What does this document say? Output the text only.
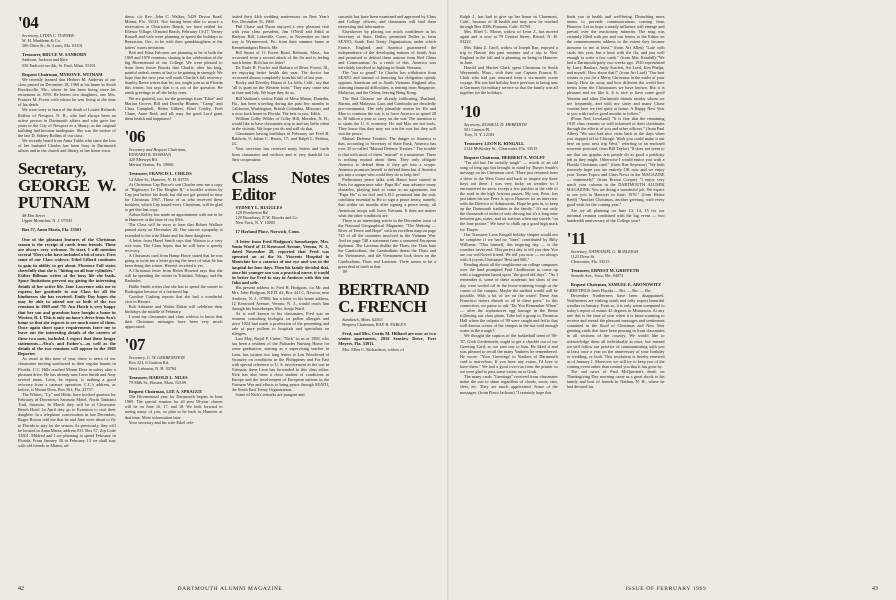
'04

Secretary, LYDIA C. TURNER

W. H. Markham & Co.

506 Olive St., St. Louis, Mo. 63101

Treasurer, BRUCE W. SANBORN

Sanborn, Jackson and Rice

530 Endicott-on-4th, St. Paul, Minn. 55101

Bequest Chairman, MYRON E. WITHAM

We recently learned that Herbert M. Andrews of our class passed on December 18, 1968 at his home in South Brooksville, Me., where he has been living since his retirement in 1959. He leaves two daughters, one Mrs. Frances M. Forest with whom he was living at the time of his death.

We were sorry to learn of the death of Louise Richards Rollins of Newport, N. H., who had always been an active person in Dartmouth affairs and who gave her years to the City of Newport as a library, as the original building had become inadequate. She was the widow of the late D. Sidney Rollins of our class.

We recently heard from Anna Tubbs who since the loss of her husband Charles has been busy in Dartmouth affairs and in the church and library of her home town.

Secretary, GEORGE W. PUTNAM

48 Elm Street

Upper Montclair, N. J. 07043

Box 57, Anna Maria, Fla. 33501

One of the pleasant features of the Christmas season is the receipt of cards from friends. These are always very welcome. To start, I will mention several '05ers who have included a bit of news. First some of our Class widows: Ethel Lillard continues to gain in ability to get about. Florence Fall states cheerfully that she is "hitting on all four cylinders." Esther Billman writes of the busy life she leads. Space limitations prevent my giving the interesting details of her active life. Jane Lawrence asks me to express her gratitude to our Class for all the kindnesses she has received. Emily Day hopes she may be able to attend one or both of the two reunions in 1969 and '70. Ava Hatch is very happy that her son and grandson have bought a home in Weston, R. I. This is only an hour's drive from Ava's home so that she expects to see much more of them. Once again short space requirements force me to leave out the interesting details of the careers of these two men, included. I expect that these longer statements—Alva's and Esther's—as well as the details of the two reunions will appear in the 1969 Reporter.

As usual at this time of year, there is news of our classmates moving southward to their regular haunts in Florida. C.C. Hills reached Mount Dora in safety after a pleasant drive. He has already sent Leon Smith and Amy several times. Leon, he reports, is making a good recovery from a cataract operation. C.C.'s address, as before, is Mount Dora, Box 561, Fla. 32757.

The Whites, "Cy" and Hilda, have booked quarters for February at Downtown Sarasota Motel, North Tamiami Trail, Sarasota. In March they will be at Clearwater Beach Hotel. In April they go to Evanston to visit their daughter. In a telephone conversation in late December, Roger Brown told me that he and Jane were about to fly to Florida to stay for the season. As previously, they will be located in Anna Maria; address P.O. Box 57, Zip Code 33501. Mildred and I are planning to spend February in Florida. From January 30 to February 13 we shall stay with old friends in Miami, ad-

dress: c/o Rev. John C. Walker, 5429 Devon Road, Miami, Fla. 33133. Not having been able to secure a reservation at Clearwater Beach, we have settled for Ellenor Village, Ormond Beach, February 13-27. Versey Russell and wife were planning to spend the holidays in Beaverton, Ore., to be with their granddaughters at the latters' warm invitation.

Bob and Edna Falconer are planning to be at both the 1969 and 1970 reunions, sharing in the celebration of the big Bicentennial of our College. We were pleased to learn from Jessie Brooks that Charlie, after his long, painful ordeal, seems at last to be gaining in strength. We hope that the new year will mark Charlie's full recovery. Stanley Reese writes that he, too, might join us in Florida this winter, but says that it is out of the question. He sends greetings to all the lucky ones.

We are grateful, too, for the greetings from "Elsie" and Marion Grover, Bill and Dorothy Blutner, "Camp" and Clara Campbell, Helen Gilbert, Ethel Conley, Fred Chase, Anne Reid, and all: may the good Lord grant them health and happiness!

'06

Secretary and Bequest Chairman,

EDWARD R. ROSMAN

420 Merwyn Rd.

Merion Station, Pa. 19066

Treasurer, FRANCIS L. CHILDS

14 Allen St., Hanover, N. H. 03755

At Christmas Cap Pierce's son Charles sent me a copy of "Highways To The Heights II," a booklet written by Cap just before his death but did not get printed in time for Christmas 1967. Those of us who received these booklets, which Cap issued every Christmas, will be glad to get this last copy.

Arthur Kelley has made an appointment with me to be in Hanover at the time of our 65th.

The Class will be sorry to hear that Robert Wallace passed away on December 20. Our sincere sympathy is extended to his wife Marie and his three daughters.

A letter from Hazel Smith says that Watson is a very sick man. The Class hopes that he will have a speedy recovery.

A Christmas card from Hamp Howe stated that he was going to write me a letter giving the news of what he has been doing this winter. Haven't received it yet.

A Christmas letter from Helen Howard says that she will be spending the winter in Trinidad, Tobago, and the Barbados.

Hallie Smith writes that she has to spend the winter in Burlington because of a fractured hip.

Caroline Cushing reports that she had a wonderful visit in Hawaii.

Bob Adrianee and Walter Dakin will celebrate their birthdays the middle of February.

I want my classmates and class widows to know that their Christmas messages have been very much appreciated.

'07

Secretary, G. W. GERBENSTEIN

Box 321, 6 Grafton Rd.

West Lebanon, N. H. 03784

Treasurer, HAROLD L. NILES

79 Milk St., Boston, Mass. 02109

Bequest Chairman, LEE A. SPRAGUE

The Bicentennial year for Dartmouth begins in June 1969. The special reunion for all post 50-year classes will be on June 16, 17, and 18. We look forward to seeing many of you, so plan to be back in Hanover at that time. More information later.

Your secretary and his wife Ethel cele-

brated their 44th wedding anniversary on New Year's Eve, December 31, 1968.

Phil Chase and Thorn enjoyed a very pleasant visit with your class president, Jim O'Neill and Edith at Harlyon Hill, Lakeville, Conn., in November on their way to Wynnewood, Pa., from their summer home at Kennebunkport Beach, Me.

Bill Smart of 11 Forest Road, Belmont, Mass., has recovered from a second attack of the flu and is feeling much better. Rich has no letter!

Dr. Earle B. Fowler and Barbara of River Forest, Ill., are enjoying better health this year. The doctor has recovered almost completely from his fall of last year.

Rocky and Dorothy Hazen of La Jolla, Calif., say that "all is quiet on the Western front." They may come east in June and July. We hope they do so.

Bill Sanborn's widow Edith of Mesa Manor, Dunedin, Fla., has been traveling during the past few months to California, Washington, British Columbia, Missouri, and is now back home in Florida. The best to you, Edith.

William Colby Wilder of Colby Hill, Meriden, N. H., would like to have classmates stop in and say hello when in the vicinity. We hope you do and will do that.

Classmates having birthdays in February are Fred B. Baldwin, 9; Julian C. Harris, 17; and Ralph L. Perkins, 24.

Your secretary has received many letters and cards from classmates and widows and is very thankful for their cooperation.

Class Notes Editor

SYDNEY L. RUGGLES

129 Pemberton Rd.

120 Broadway, P. W. Brooks and Co.

New York, N. Y. 10005

17 Harland Place, Norwich, Conn.

A letter from Fred Hodgson's housekeeper, Mrs. Sonia Ward of 12 Kenwood Avenue, Verona, N. J., dated November 20, reported that Fred was operated on at the St. Vincents Hospital in Montclair for a cataract of one eye and was in the hospital for four days. Then his family decided that, since his younger son was a practical nurse, it would be better for Fred to stay in Andover with this son John and wife.

His present address is: Fred H. Hodgson, c/o Mr. and Mrs. John Hodgson, R.F.D. #1, Box 441 C, Newton, near Andover, N. J., 07860; but a letter to his home address, 12 Kenwood Avenue, Verona, N. J., would reach him through his housekeeper, Mrs. Sonja Ward.

As is well known to his classmates, Fred was an eminent consulting biologist on pollen allergies and since 1924 had made a profession of the presenting and sale of pure pollens to hospitals and specialists on allergies.

Last May, Royal P. Carter, "Nick" to us of 1908, who has been a resident of the Palisades Nursing Home for some graduation, starting as a supervising teacher in Laon, has written two long letters to Len Woodward of Swanzey on conditions in the Philippines and Far East with special reference to U. S. involvement in the war in Vietnam; these Leon has forwarded to this class editor. Nick has also been a close student of conditions in Europe and the involvement of European nations in the Vietnam War and efforts to bring peace through SEATO, the South East Treaty Organization.

Some of Nick's remarks are pungent and

sarcastic but have been examined and approved by Class and College officers, and classmates will find them interesting and informative.

Eisenhower by placing too much confidence in his Secretary of State, Dulles, permitted Dulles to form SEATO, South East Treaty Organization, under which France, England, and America guaranteed the independence of the developing nations of South Asia and promised to defend these nations from Red China and Communism. As a result of this, America was inevitably involved in fighting in South Vietnam.

The "not so grand" Le Charles has withdrawn from SEATO and instead of honoring his obligation openly opposes American aid to South Vietnam. England also, claiming financial difficulties, is retiring from Singapore, Malaysia, and the Orient, leaving Hong Kong.

The Red Chinese are already infiltrating Thailand, Burma, and Malaysia. Laos and Cambodia are decidedly pro-communist. The only plausible reason for Ho and Mao to continue the war is to force America to spend 28 to 30 billion a year to carry on the war. The intention is to strain the U. S. economy. Ho and Mao are not fools. They know that they may not win the war but they will win the peace.

Mutual Defense Treaties. The danger to America is that, according to Secretary of State Rusk, America has over 35 so-called "Mutual Defense Treaties." The trouble is that with most of them "mutual" is a misnomer. There is nothing mutual about them. They only obligate America to defend them if they get into a scrape. America promises herself to defend them but if America got into a scrape who could they do to help her?

Preliminary peace talks with Hanoi have started in Paris for appearance sake. Papa Ho" may advance many obstacles, playing hard to come to an agreement, but "Papa Ho" is no fool and L.B.J. promised him the only condition essential to Ho to sign a peace treaty, namely, that within six months after signing a peace treaty, all American troops will leave Vietnam. It does not matter what the other conditions are.

There is an interesting article in the December issue of the National Geographical Magazine, "The Mekong — River of Terror and Hope" with an excellent map on page 745 of all the countries involved in the Vietnam War. And on page 748 a statement from a seasoned European diplomat. The Laotians dislike the Thais, the Thais hate the Cambodians, the Cambodians detest the Thais and the Vietnamese, and the Vietnamese look down on the Cambodians, Thais and Laotians. There seems to be a great deal of truth in that.

'09

BERTRAND C. FRENCH

Sandwich, Mass. 02563

Bequest Chairman, RAY B. FARLEY

Fred, and Mrs. Curtis M. Hilliard are now at two winter apartments, 2916 Seaview Drive, Fort Meyers, Fla. 33911.

Mrs. Ellen C. Richardson, widow of

42	DARTMOUTH ALUMNI MAGAZINE

Ralph J., has had to give up her home in Claremont, Calif., because of ill health and may now be reached through Box 2006, Pomona, Calif. 91769.

Mrs. Ethel C. Morse, widow of Leon J., has moved again and is now at 79 Central Street, Bristol, N. H. 03222.

Mrs. Edna Z. Groff, widow of Joseph Rae, enjoyed a trip to Hawaii this past summer and a trip to New England in the fall and is planning on being in Hanover in June.

Harold and Harriet Clark spent Christmas in South Weymouth, Mass., with their son Captain Francis B. Clark who had just returned from a six-month ocean voyage. His son had holiday leave previous to being sent to Germany for military service so that the family was all together for the holidays.

'10

Secretary, RUSSELL D. MEREDITH

501 Cannon Pl.

Troy, N. Y. 12183

Treasurer, LEON K. KINGALL

2144 McKinley St., Clearwater, Fla. 33515

Bequest Chairman, HERBERT A. WOLFF

"I'm old but I'm awfully tough" — words of an old song of long ago but brought to mind by Thayer Smith's message on his Christmas card: "Have just returned from a drive to the West Coast and back to inspect my three boys out there. I was very lucky on weather so I encountered no snow except a few patches at the side of the road in the high Arizona passes. My son, Peter, has just taken his son Peter Jr. up to Hanover for an interview with the Director of Admissions. Hope he gets in, to keep up the Dartmouth tradition in the family." It's not only the thousands of miles of solo driving but it's a long time between gas, water, and air stations when one travels "on the lone prairie." We have to chalk up a good high mark for Thayer.

Our Treasurer Leon Kingall holiday chapter would not be complete if we had no "lines" contributed by Billy Williams: "This himself, this inspiring day — is the wonders never end. This perfect day to tell you dear You are our well-loved friend. We tell you now — no always with A joyous Christmas! Best and Bill."

Reading about all the roughhouse on college campuses over the land prompted Paul Chadbourne to come up with a suggestion based upon "the good old days": "As I remember it, some of these academic hot shots of our day were cooled off in the horse-watering trough at the corner of the campus. Maybe the method would still be possible. With a bit of ice on the water! These San Francisco rioters disturb us all in these parts." In this connection, we pause to ask "Do You Remember When" — after the sophomores egg barrage in the Bema following our class photo, Tobe led a group to Thornton Hall where the culprits of '09 were caught and led to that well-known corner of the campus in the not-cold enough water in the trough?

We thought the caption of the basketball team of '06-'07, Grob Gerdenstein, ought to get a chuckle out of our Greeting Card, so we sent one to him. He liked it and was pleased to recall the many Yankees he remembered. He wrote: "Your 'Greetings' to Yonkers of Dartmouth card is marvelous. If you have any extras, I'd love to have them." We had a good over-run from the printer so we were glad to pass some extras on to Grob.

The many cards "Greetings" received from classmates make the sun to shine regardless of clouds, snow, rain, sleet, etc. They are much appreciated. Some of the messages: (from Pinco Jackson) "I certainly hope this

finds you in health and well-being. Disturbing news seems to pervade communications coming from Hanover. Let us hope a steady influence will emerge and prevail over the reactionary minority. The mug was certainly filled with pro and con letters to the Editor on the commencement address to the extent they became tiresome to me at least." (from Art Allen) "Late with cards this year, but a bout with the flu, and just well enough to write a few cards." (from Mac Kendall) "We had a Dartmouth party two weeks ago. 1910 represented by Larry Bankart, Andy Scarlett, Art Lord, Ken Phelps, and myself. How about that?" (from Art Lord) "Our best wishes to you for a Merry Christmas in the midst of your family. How far away and how different the world here seems from the Christmases we have known. But it is pleasant and we like it. It is nice to have some good Yemens and other Dartmouth friends nearby whom we see frequently, and with my sister and many Chase cousins here we feel quite at home. A Happy New Year to you with twelve good months to follow."

(From Ned Loveland) "It is fine that the remaining 1910 class remains so well informed of their classmates through the efforts of you and other officers." (from Paul Alber) "We sure had nice visits back in the days when you stopped off in Chicago. Wish you could make it out here on your next trip West," referring to an enclosed souvenir postcard, from Bill Taylor) "It does not seem to me that our graphic arts people do as good a publicity job as they might. Otherwise I would entice you with a Florida Christmas card." (from Rae Seymour) "We both sincerely hope you are entirely OK now and we enjoy your Tomer Topics and Class News in the MAGAZINE — immensely!" (from Brown Cooper) "I enjoy very much your column in the DARTMOUTH ALUMNI MAGAZINE. You are doing a wonderful job. We expect to see you in Hanover in June, 1970." (from Heisie Reed) "Another Christmas, another greeting, with every good wish for the coming year."

Are we all planning on June 13, 14, 15 for our informal reunion combined with the big event — two hundredth anniversary of the College year?

'11

Secretary, NATHANIEL G. BURLEIGH

1121 Drew St.

Clearwater, Fla. 33515

Treasurer, ERNEST M. GRIFFETH

Seaside Ave., Saco, Me. 04072

Bequest Chairman, SAMUEL E. ARONOWITZ

GREETINGS from Florida — Brr. — Brr. — Brr.

December Northerners have been disappointed. Northerners are rushing south and fully expect beautiful weather in January. Even so, it is only warm compared to today's report of minus 43 degrees in Minnesota. At any rate this is the time of year when it is heart-warming to receive and reread the pleasant messages and sentiments contained in the flood of Christmas and New Year greeting cards that have been pouring in from classmates in all sections of the country. We would like to acknowledge them all individually at once, but instead we will follow our practice of communicating with you at least once a year on the anniversary of your birthday or wedding, or both. This resolution is hereby renewed as of January 1. Moreover we will try to keep you of the coming event rather than remind you that it has gone by.

The sad news of Paul McQuesten's death on Thanksgiving Day morning came as a great shock to his family and host of friends in Nashua, N. H., where he had devoted his

ISSUE OF FEBRUARY 1969	43
